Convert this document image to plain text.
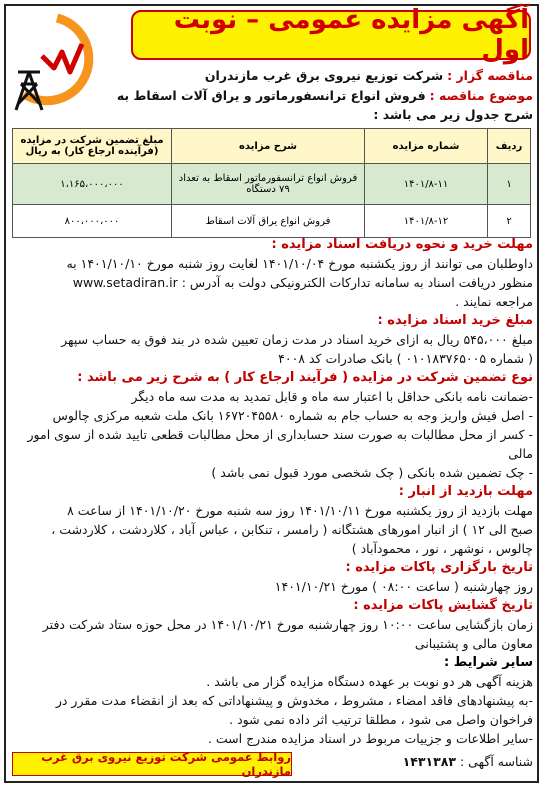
آگهی مزایده عمومی – نوبت اول
مناقصه گزار : شرکت توزیع نیروی برق غرب مازندران
موضوع مناقصه : فروش انواع ترانسفورماتور و یراق آلات اسقاط به
شرح جدول زیر می باشد :
ردیف	شماره مزایده	شرح مزایده	مبلغ تضمین شرکت در مزایده (فرآینده ارجاع کار) به ریال
۱	۱۴۰۱/۸-۱۱	فروش انواع ترانسفورماتور اسقاط به تعداد ۷۹ دستگاه	۱،۱۶۵،۰۰۰،۰۰۰
۲	۱۴۰۱/۸-۱۲	فروش انواع یراق آلات اسقاط	۸۰۰،۰۰۰،۰۰۰
مهلت خرید و نحوه دریافت اسناد مزایده :
داوطلبان می توانند از روز یکشنبه مورخ ۱۴۰۱/۱۰/۰۴ لغایت روز شنبه مورخ ۱۴۰۱/۱۰/۱۰ به
منظور دریافت اسناد به سامانه تدارکات الکترونیکی دولت به آدرس : www.setadiran.ir
مراجعه نمایند .
مبلغ خرید اسناد مزایده :
مبلغ ۵۴۵،۰۰۰ ریال به ازای خرید اسناد در مدت زمان تعیین شده در بند فوق به حساب سپهر
( شماره ۰۱۰۱۸۳۷۶۵۰۰۵ ) بانک صادرات کد ۴۰۰۸
نوع تضمین شرکت در مزایده ( فرآیند ارجاع کار ) به شرح زیر می باشد :
-ضمانت نامه بانکی حداقل با اعتبار سه ماه و قابل تمدید به مدت سه ماه دیگر
- اصل فیش واریز وجه به حساب جام به شماره ۱۶۷۲۰۴۵۵۸۰ بانک ملت شعبه مرکزی چالوس
- کسر از محل مطالبات به صورت سند حسابداری از محل مطالبات قطعی تایید شده از سوی امور
مالی
- چک تضمین شده بانکی ( چک شخصی مورد قبول نمی باشد )
مهلت بازدید از انبار :
مهلت بازدید از روز یکشنبه مورخ ۱۴۰۱/۱۰/۱۱ روز سه شنبه مورخ ۱۴۰۱/۱۰/۲۰ از ساعت ۸
صبح الی ۱۲ ) از انبار امورهای هشتگانه ( رامسر ، تنکابن ، عباس آباد ، کلاردشت ، کلاردشت ،
چالوس ، نوشهر ، نور ، محمودآباد )
تاریخ بارگزاری پاکات مزایده :
روز چهارشنبه ( ساعت ۰۸:۰۰ ) مورخ ۱۴۰۱/۱۰/۲۱
تاریخ گشایش پاکات مزایده :
زمان بازگشایی ساعت ۱۰:۰۰ روز چهارشنبه مورخ ۱۴۰۱/۱۰/۲۱ در محل حوزه ستاد شرکت دفتر
معاون مالی و پشتیبانی
سایر شرایط :
هزینه آگهی هر دو نوبت بر عهده دستگاه مزایده گزار می باشد .
-به پیشنهادهای فاقد امضاء ، مشروط ، مخدوش و پیشنهاداتی که بعد از انقضاء مدت مقرر در
فراخوان واصل می شود ، مطلقا ترتیب اثر داده نمی شود .
-سایر اطلاعات و جزییات مربوط در اسناد مزایده مندرج است .
شناسه آگهی : ۱۴۳۱۳۸۳
روابط عمومی شرکت توزیع نیروی برق غرب مازندران
